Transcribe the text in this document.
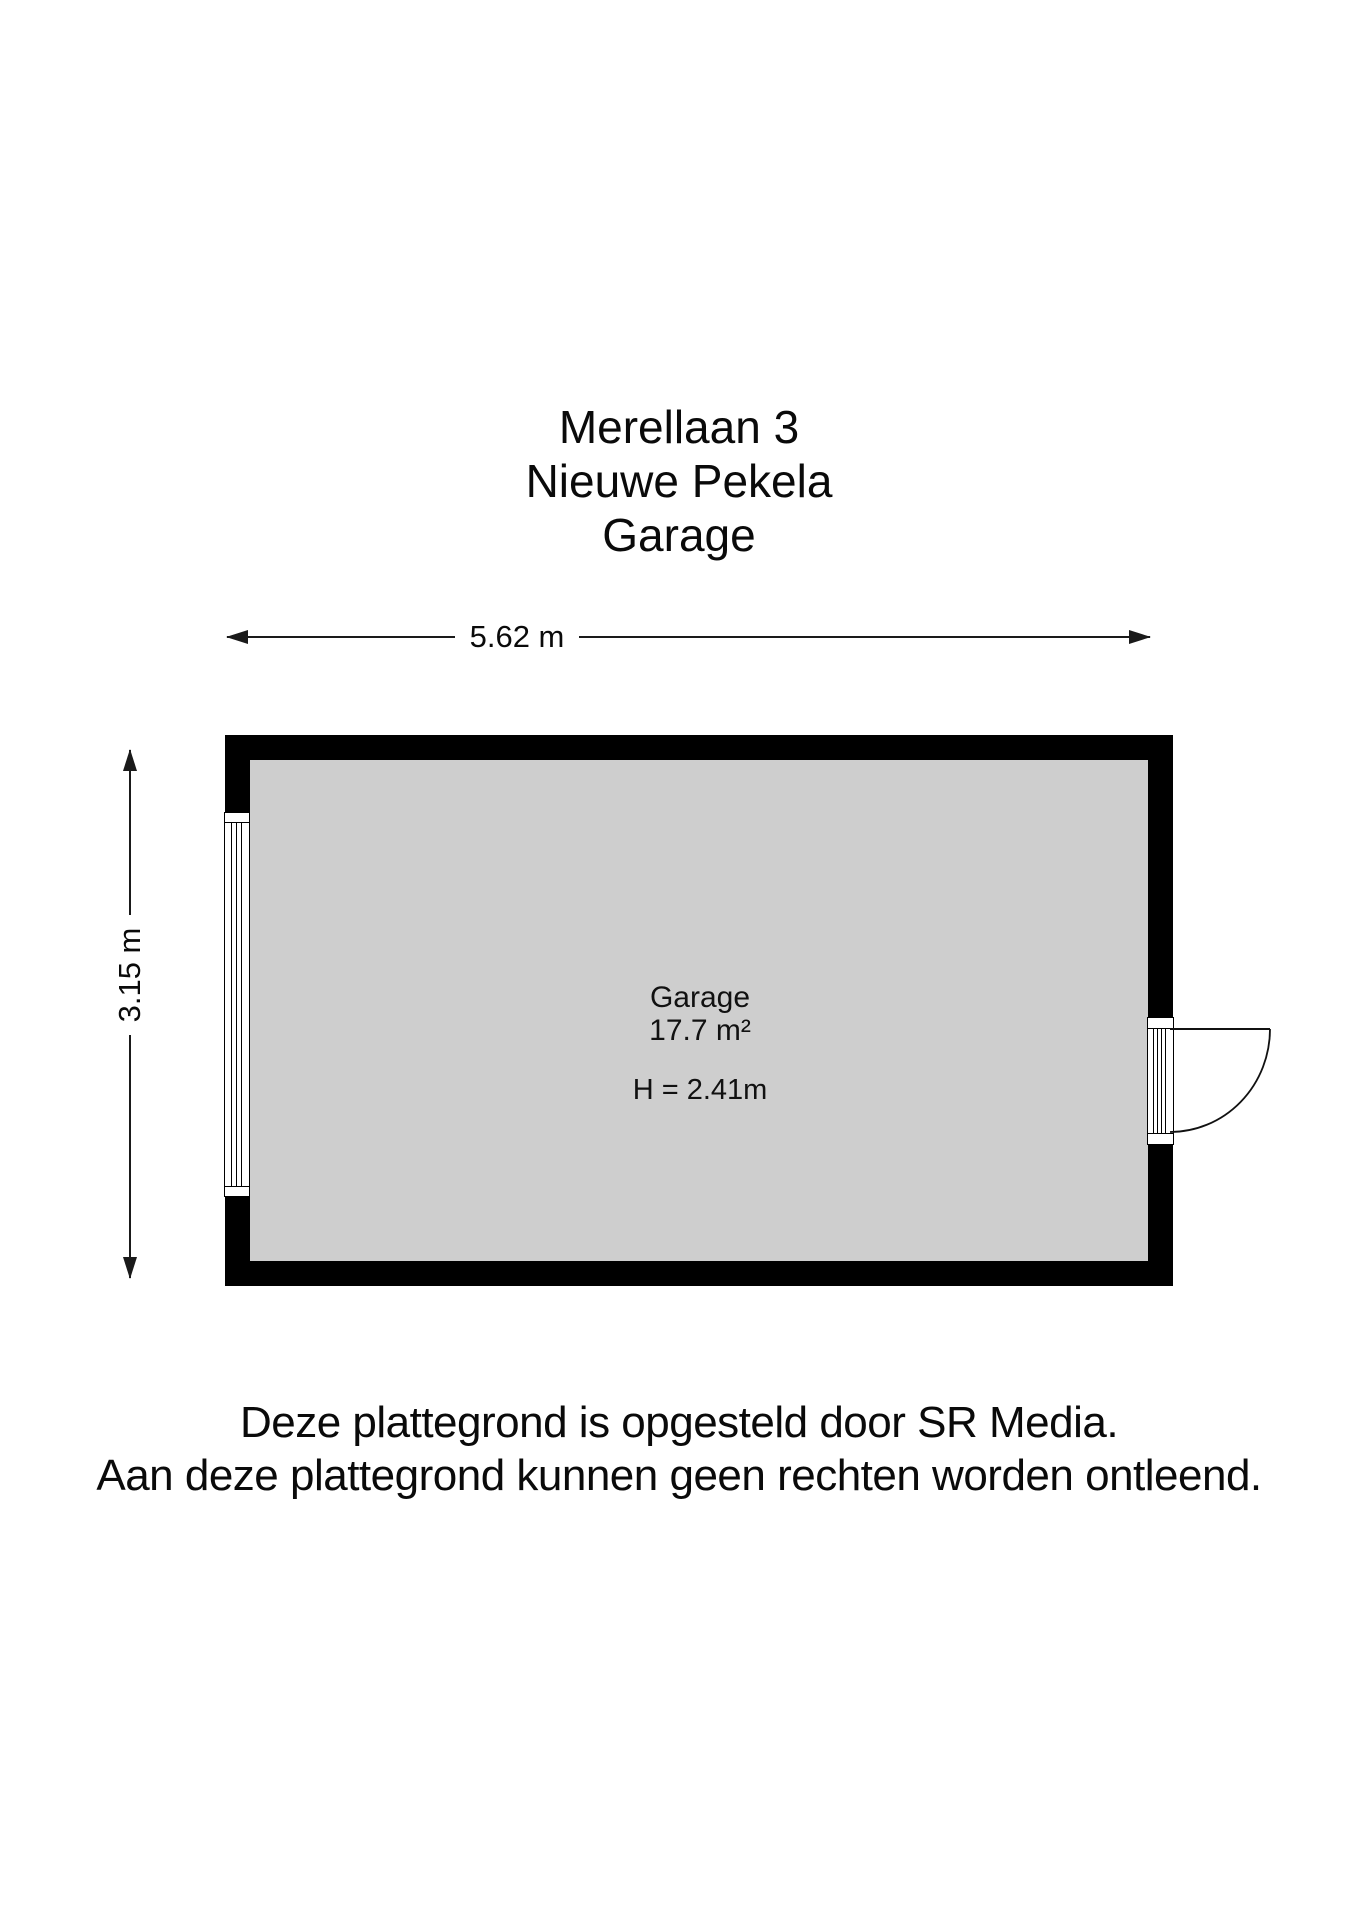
Merellaan 3
Nieuwe Pekela
Garage
5.62 m
3.15 m	Garage
17.7 m²
H = 2.41m
Deze plattegrond is opgesteld door SR Media.
Aan deze plattegrond kunnen geen rechten worden ontleend.
